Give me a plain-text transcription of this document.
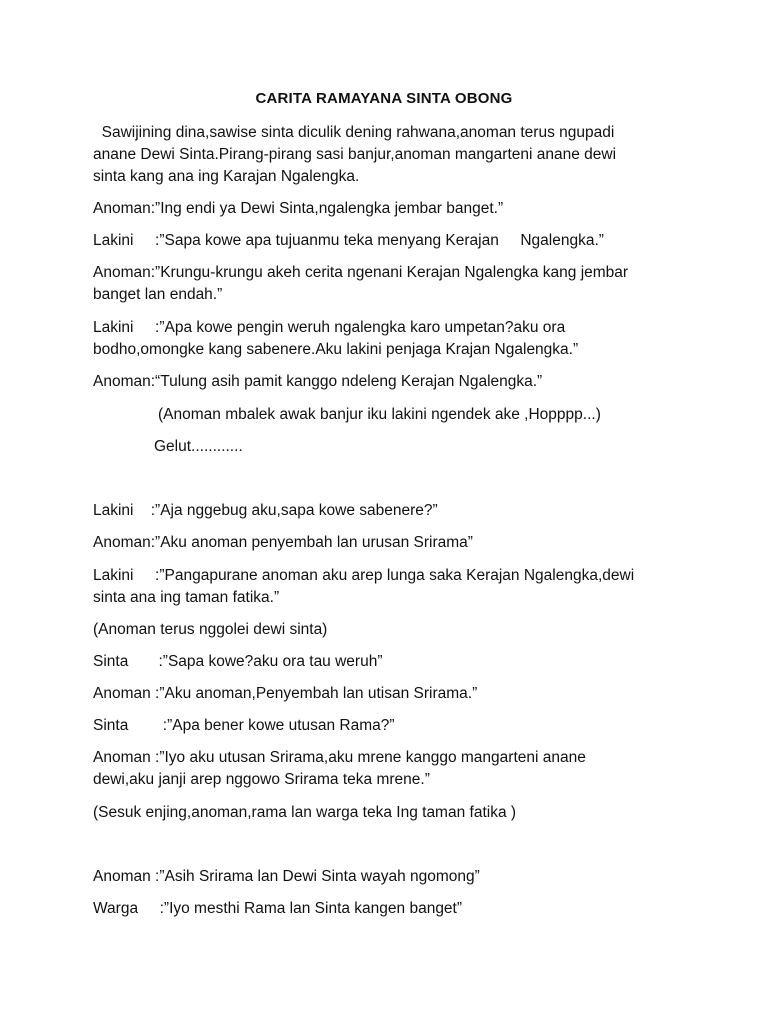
CARITA RAMAYANA SINTA OBONG
Sawijining dina,sawise sinta diculik dening rahwana,anoman terus ngupadi
anane Dewi Sinta.Pirang-pirang sasi banjur,anoman mangarteni anane dewi
sinta kang ana ing Karajan Ngalengka.
Anoman:”Ing endi ya Dewi Sinta,ngalengka jembar banget.”
Lakini     :”Sapa kowe apa tujuanmu teka menyang Kerajan     Ngalengka.”
Anoman:”Krungu-krungu akeh cerita ngenani Kerajan Ngalengka kang jembar
banget lan endah.”
Lakini     :”Apa kowe pengin weruh ngalengka karo umpetan?aku ora
bodho,omongke kang sabenere.Aku lakini penjaga Krajan Ngalengka.”
Anoman:“Tulung asih pamit kanggo ndeleng Kerajan Ngalengka.”
(Anoman mbalek awak banjur iku lakini ngendek ake ,Hopppp...)
Gelut............
Lakini    :”Aja nggebug aku,sapa kowe sabenere?”
Anoman:”Aku anoman penyembah lan urusan Srirama”
Lakini     :”Pangapurane anoman aku arep lunga saka Kerajan Ngalengka,dewi
sinta ana ing taman fatika.”
(Anoman terus nggolei dewi sinta)
Sinta       :”Sapa kowe?aku ora tau weruh”
Anoman :”Aku anoman,Penyembah lan utisan Srirama.”
Sinta        :”Apa bener kowe utusan Rama?”
Anoman :”Iyo aku utusan Srirama,aku mrene kanggo mangarteni anane
dewi,aku janji arep nggowo Srirama teka mrene.”
(Sesuk enjing,anoman,rama lan warga teka Ing taman fatika )
Anoman :”Asih Srirama lan Dewi Sinta wayah ngomong”
Warga     :”Iyo mesthi Rama lan Sinta kangen banget”
